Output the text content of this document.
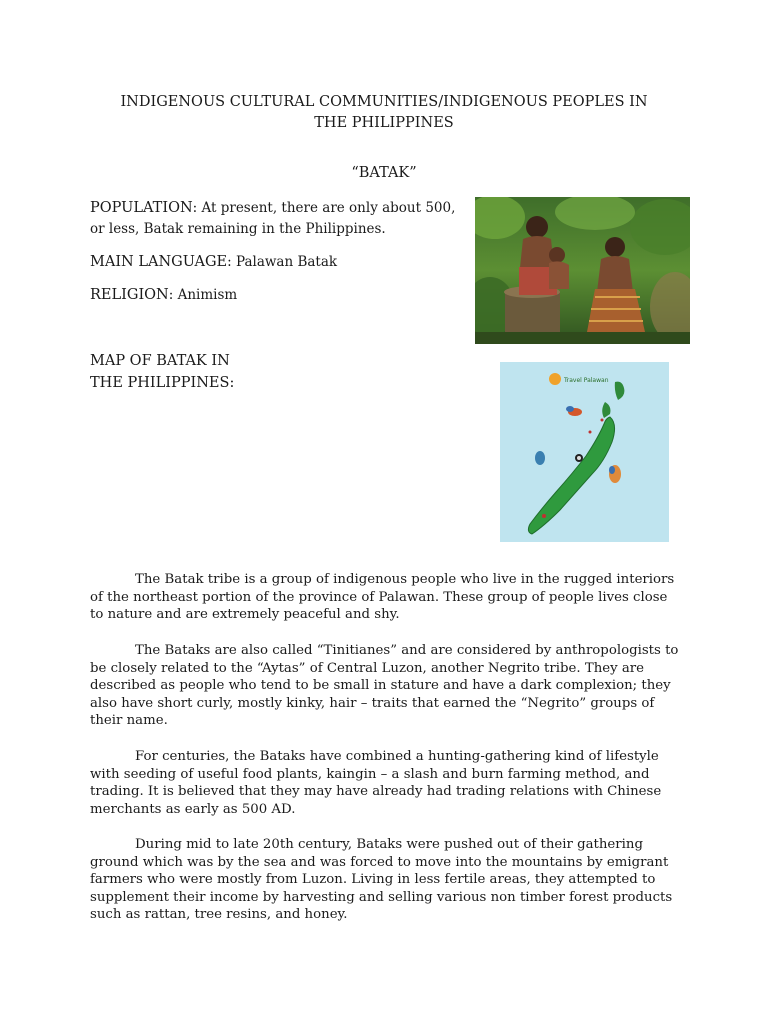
INDIGENOUS CULTURAL COMMUNITIES/INDIGENOUS PEOPLES IN
THE PHILIPPINES
“BATAK”
POPULATION: At present, there are only about 500, or less, Batak remaining in the Philippines.
MAIN LANGUAGE: Palawan Batak
RELIGION: Animism
MAP OF BATAK IN
THE PHILIPPINES:	Travel Palawan

The Batak tribe is a group of indigenous people who live in the rugged interiors of the northeast portion of the province of Palawan. These group of people lives close to nature and are extremely peaceful and shy.

The Bataks are also called “Tinitianes” and are considered by anthropologists to be closely related to the “Aytas” of Central Luzon, another Negrito tribe. They are described as people who tend to be small in stature and have a dark complexion; they also have short curly, mostly kinky, hair – traits that earned the “Negrito” groups of their name.

For centuries, the Bataks have combined a hunting-gathering kind of lifestyle with seeding of useful food plants, kaingin – a slash and burn farming method, and trading. It is believed that they may have already had trading relations with Chinese merchants as early as 500 AD.

During mid to late 20th century, Bataks were pushed out of their gathering ground which was by the sea and was forced to move into the mountains by emigrant farmers who were mostly from Luzon. Living in less fertile areas, they attempted to supplement their income by harvesting and selling various non timber forest products such as rattan, tree resins, and honey.
